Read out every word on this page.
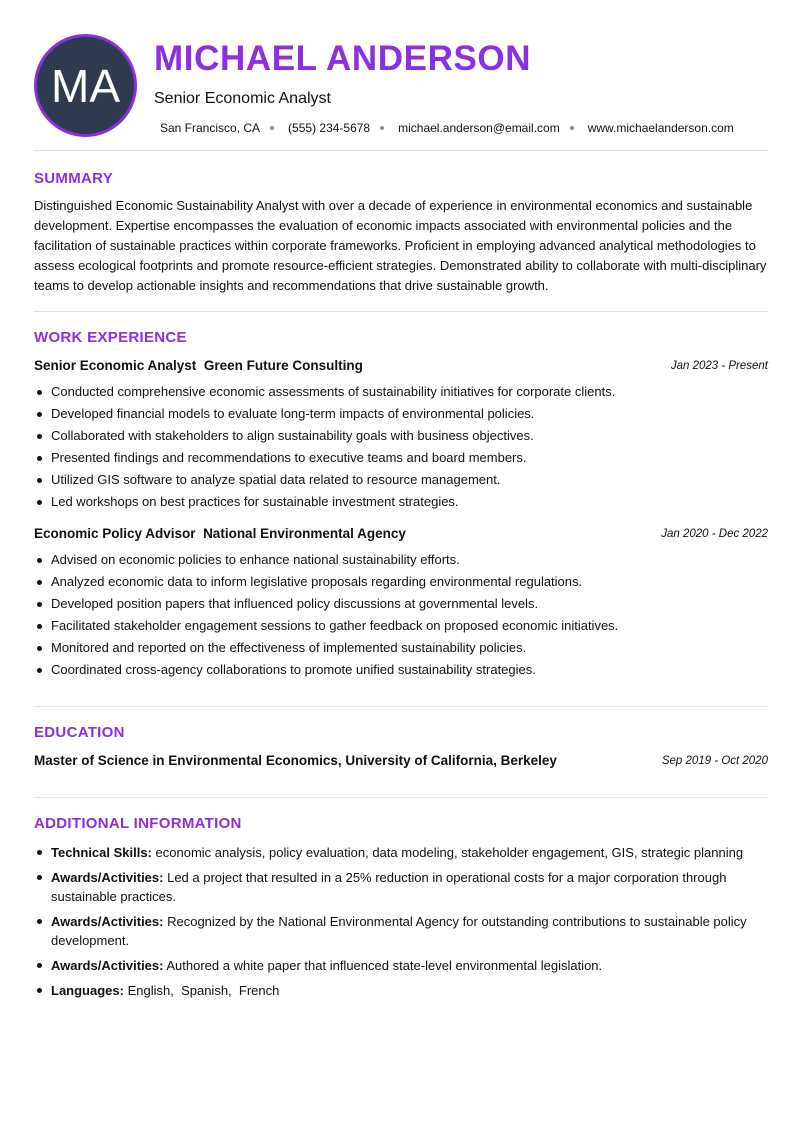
MA
MICHAEL ANDERSON
Senior Economic Analyst
San Francisco, CA (555) 234-5678 michael.anderson@email.com www.michaelanderson.com
SUMMARY
Distinguished Economic Sustainability Analyst with over a decade of experience in environmental economics and sustainable development. Expertise encompasses the evaluation of economic impacts associated with environmental policies and the facilitation of sustainable practices within corporate frameworks. Proficient in employing advanced analytical methodologies to assess ecological footprints and promote resource-efficient strategies. Demonstrated ability to collaborate with multi-disciplinary teams to develop actionable insights and recommendations that drive sustainable growth.
WORK EXPERIENCE
Senior Economic Analyst Green Future Consulting	Jan 2023 - Present
Conducted comprehensive economic assessments of sustainability initiatives for corporate clients.
Developed financial models to evaluate long-term impacts of environmental policies.
Collaborated with stakeholders to align sustainability goals with business objectives.
Presented findings and recommendations to executive teams and board members.
Utilized GIS software to analyze spatial data related to resource management.
Led workshops on best practices for sustainable investment strategies.
Economic Policy Advisor National Environmental Agency	Jan 2020 - Dec 2022
Advised on economic policies to enhance national sustainability efforts.
Analyzed economic data to inform legislative proposals regarding environmental regulations.
Developed position papers that influenced policy discussions at governmental levels.
Facilitated stakeholder engagement sessions to gather feedback on proposed economic initiatives.
Monitored and reported on the effectiveness of implemented sustainability policies.
Coordinated cross-agency collaborations to promote unified sustainability strategies.
EDUCATION
Master of Science in Environmental Economics, University of California, Berkeley	Sep 2019 - Oct 2020
ADDITIONAL INFORMATION
Technical Skills: economic analysis, policy evaluation, data modeling, stakeholder engagement, GIS, strategic planning
Awards/Activities: Led a project that resulted in a 25% reduction in operational costs for a major corporation through sustainable practices.
Awards/Activities: Recognized by the National Environmental Agency for outstanding contributions to sustainable policy development.
Awards/Activities: Authored a white paper that influenced state-level environmental legislation.
Languages: English,  Spanish,  French
